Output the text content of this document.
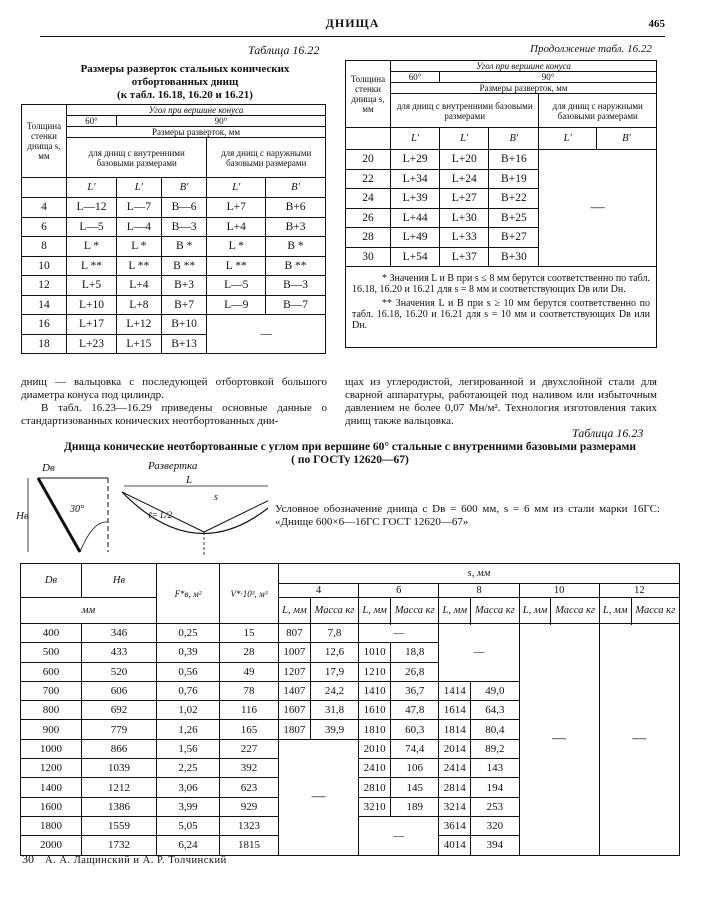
ДНИЩА	465
Таблица 16.22
Размеры разверток стальных конических
отбортованных днищ
(к табл. 16.18, 16.20 и 16.21)
Толщина стенки днища s, мм	Угол при вершине конуса				
	60°	90°			
	Размеры разверток, мм				
	для днищ с внутренними базовыми размерами			для днищ с наружными базовыми размерами	
	L′	L′	B′	L′	B′
4	L—12	L—7	B—6	L+7	B+6
6	L—5	L—4	B—3	L+4	B+3
8	L *	L *	B *	L *	B *
10	L **	L **	B **	L **	B **
12	L+5	L+4	B+3	L—5	B—3
14	L+10	L+8	B+7	L—9	B—7
16	L+17	L+12	B+10	—	
18	L+23	L+15	B+13		
Продолжение табл. 16.22
Толщина стенки днища s, мм	Угол при вершине конуса				
	60°	90°			
	Размеры разверток, мм				
	для днищ с внутренними базовыми размерами			для днищ с наружными базовыми размерами	
	L′	L′	B′	L′	B′
20	L+29	L+20	B+16	—	
22	L+34	L+24	B+19		
24	L+39	L+27	B+22		
26	L+44	L+30	B+25		
28	L+49	L+33	B+27		
30	L+54	L+37	B+30		

* Значения L и B при s ≤ 8 мм берутся соответственно по табл. 16.18, 16.20 и 16.21 для s = 8 мм и соответствующих Dв или Dн.
** Значения L и B при s ≥ 10 мм берутся соответственно по табл. 16.18, 16.20 и 16.21 для s = 10 мм и соответствующих Dв или Dн.					
днищ — вальцовка с последующей отбортовкой большого диаметра конуса под цилиндр.
В табл. 16.23—16.29 приведены основные данные о стандартизованных конических неотбортованных дни-
щах из углеродистой, легированной и двухслойной стали для сварной аппаратуры, работающей под наливом или избыточным давлением не более 0,07 Мн/м². Технология изготовления таких днищ также вальцовка.
Таблица 16.23
Днища конические неотбортованные с углом при вершине 60° стальные с внутренними базовыми размерами
( по ГОСТу 12620—67)
Dв
Hв
30°
Развертка
L
s
ℓ= L/2	Условное обозначение днища с Dв = 600 мм, s = 6 мм из стали марки 16ГС: «Днище 600×6—16ГС ГОСТ 12620—67»
Dв	Hв	F*в, м²	V*·10³, м³	s, мм									
				4		6		8		10		12	
мм				L, мм	Масса кг	L, мм	Масса кг	L, мм	Масса кг	L, мм	Масса кг	L, мм	Масса кг

400	346	0,25	15	807	7,8	—		—		—		—	
500	433	0,39	28	1007	12,6	1010	18,8						
600	520	0,56	49	1207	17,9	1210	26,8						
700	606	0,76	78	1407	24,2	1410	36,7	1414	49,0				
800	692	1,02	116	1607	31,8	1610	47,8	1614	64,3				
900	779	1,26	165	1807	39,9	1810	60,3	1814	80,4				
1000	866	1,56	227	—		2010	74,4	2014	89,2				
1200	1039	2,25	392			2410	106	2414	143				
1400	1212	3,06	623			2810	145	2814	194				
1600	1386	3,99	929			3210	189	3214	253				
1800	1559	5,05	1323			—		3614	320				
2000	1732	6,24	1815					4014	394				
30 А. А. Лащинский и А. Р. Толчинский
